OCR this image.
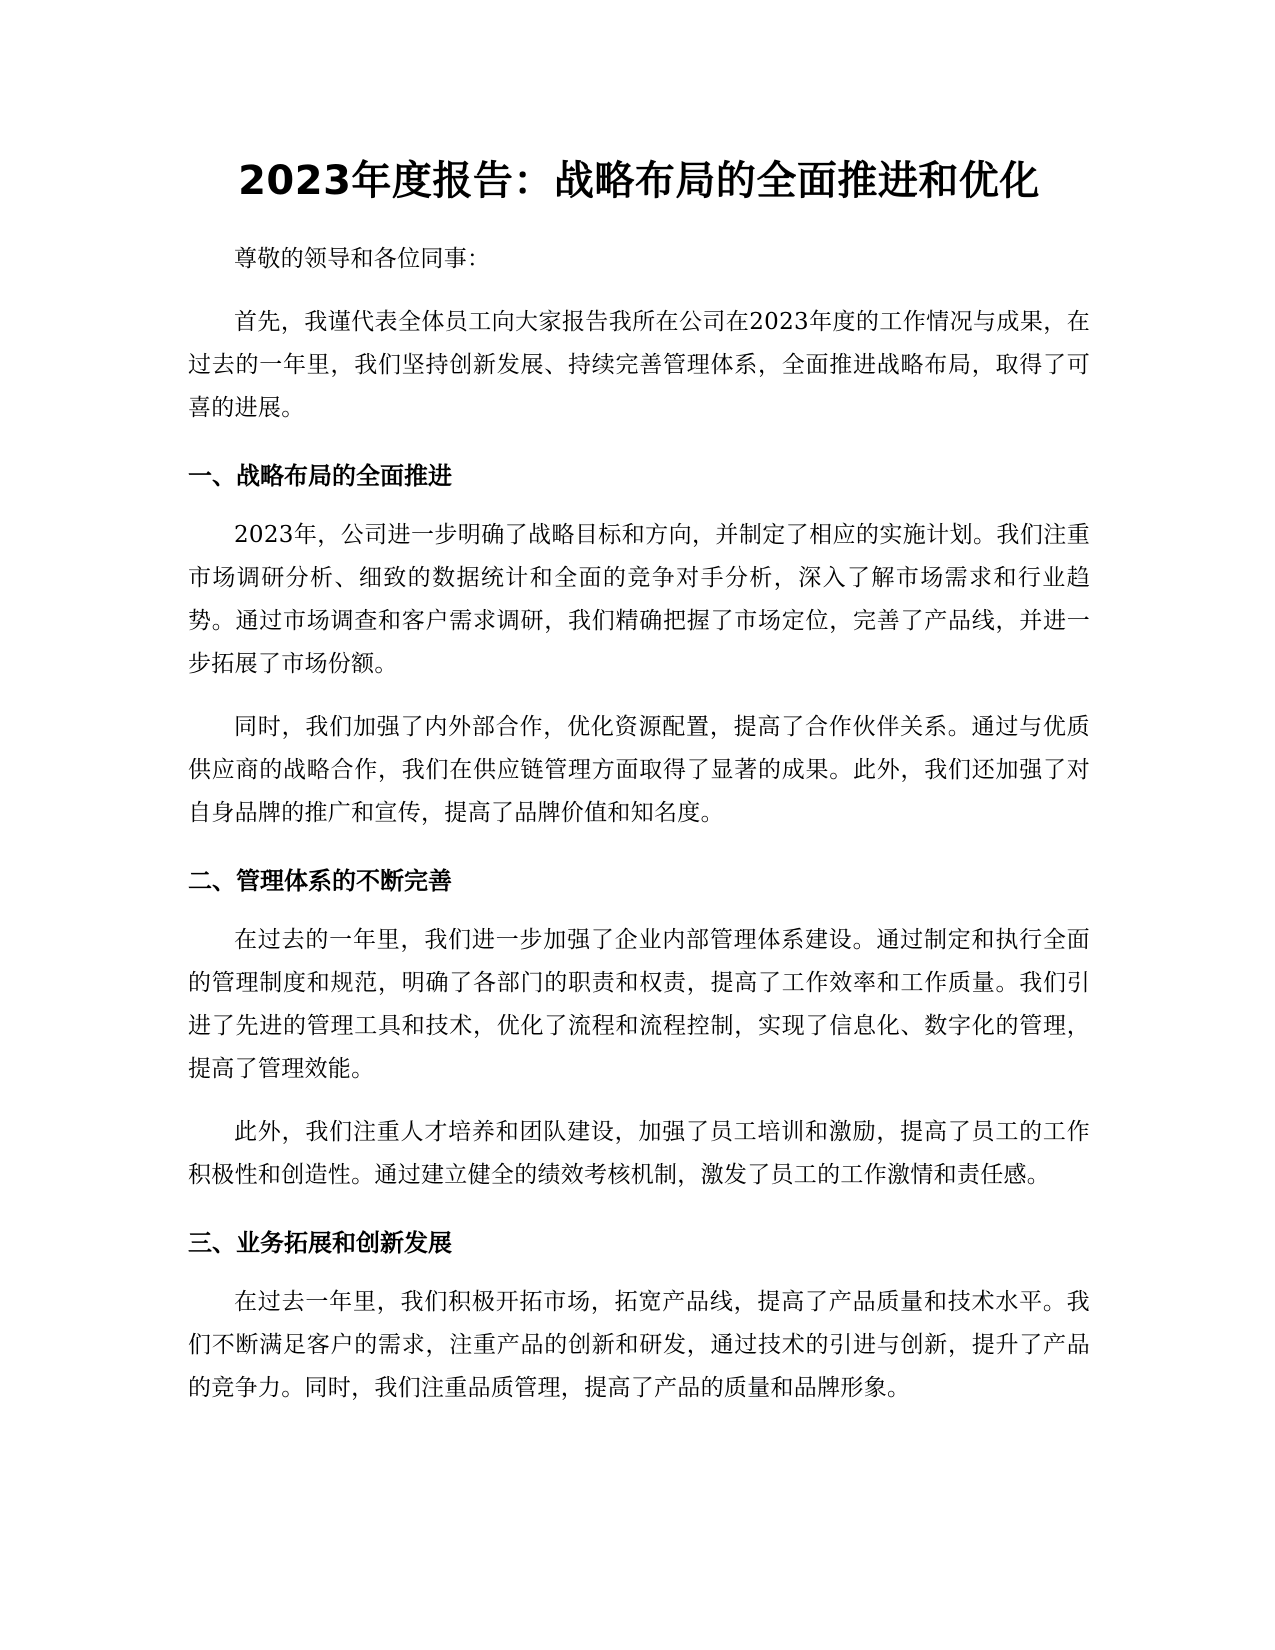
2023年度报告：战略布局的全面推进和优化

尊敬的领导和各位同事：

首先，我谨代表全体员工向大家报告我所在公司在2023年度的工作情况与成果，在过去的一年里，我们坚持创新发展、持续完善管理体系，全面推进战略布局，取得了可喜的进展。

一、战略布局的全面推进

2023年，公司进一步明确了战略目标和方向，并制定了相应的实施计划。我们注重市场调研分析、细致的数据统计和全面的竞争对手分析，深入了解市场需求和行业趋势。通过市场调查和客户需求调研，我们精确把握了市场定位，完善了产品线，并进一步拓展了市场份额。

同时，我们加强了内外部合作，优化资源配置，提高了合作伙伴关系。通过与优质供应商的战略合作，我们在供应链管理方面取得了显著的成果。此外，我们还加强了对自身品牌的推广和宣传，提高了品牌价值和知名度。

二、管理体系的不断完善

在过去的一年里，我们进一步加强了企业内部管理体系建设。通过制定和执行全面的管理制度和规范，明确了各部门的职责和权责，提高了工作效率和工作质量。我们引进了先进的管理工具和技术，优化了流程和流程控制，实现了信息化、数字化的管理，提高了管理效能。

此外，我们注重人才培养和团队建设，加强了员工培训和激励，提高了员工的工作积极性和创造性。通过建立健全的绩效考核机制，激发了员工的工作激情和责任感。

三、业务拓展和创新发展

在过去一年里，我们积极开拓市场，拓宽产品线，提高了产品质量和技术水平。我们不断满足客户的需求，注重产品的创新和研发，通过技术的引进与创新，提升了产品的竞争力。同时，我们注重品质管理，提高了产品的质量和品牌形象。
